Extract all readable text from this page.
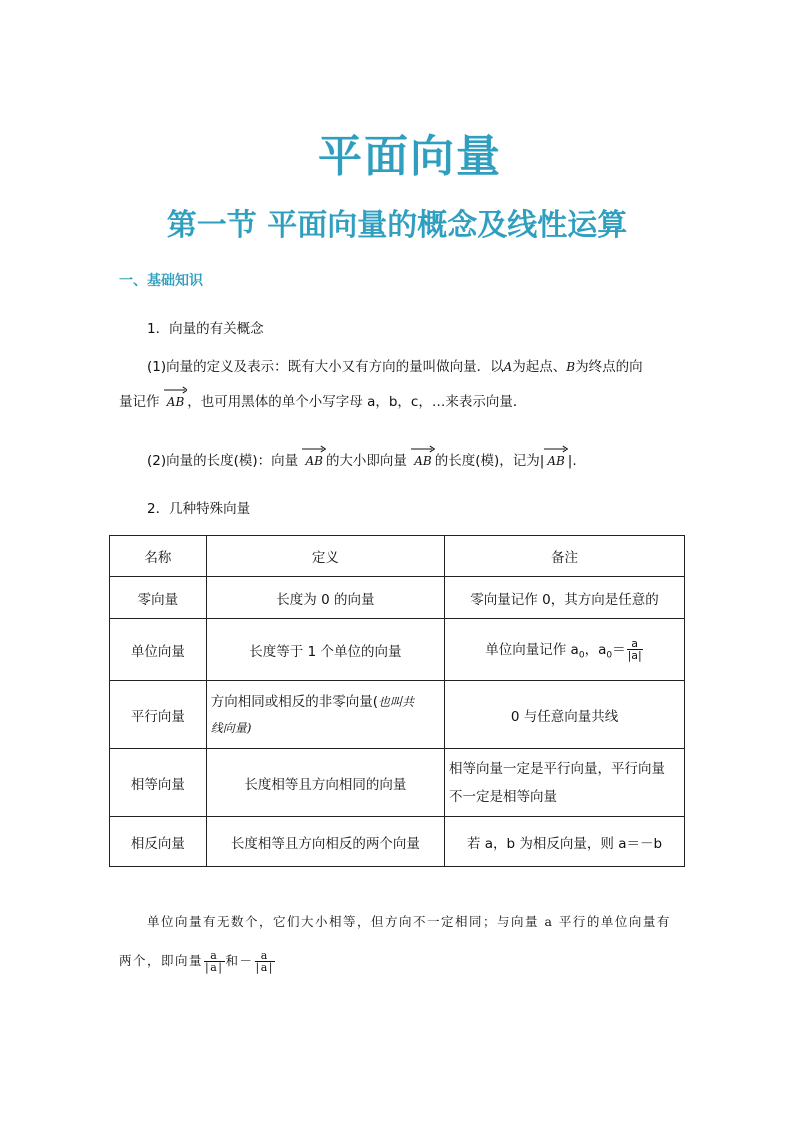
平面向量
第一节 平面向量的概念及线性运算
一、基础知识
1．向量的有关概念
(1)向量的定义及表示：既有大小又有方向的量叫做向量．以A为起点、B为终点的向
量记作 AB ，也可用黑体的单个小写字母 a，b，c，…来表示向量．
(2)向量的长度(模)：向量 AB 的大小即向量 AB 的长度(模)，记为| AB |.
2．几种特殊向量
名称	定义	备注
零向量	长度为 0 的向量	零向量记作 0，其方向是任意的
单位向量	长度等于 1 个单位的向量	单位向量记作 $a_0$，$a_0= \frac{a}{|a|}$

平行向量	方向相同或相反的非零向量(也叫共
线向量)	0 与任意向量共线
相等向量	长度相等且方向相同的向量	相等向量一定是平行向量，平行向量
不一定是相等向量
相反向量	长度相等且方向相反的两个向量	若 a，b 为相反向量，则 a＝－b
单位向量有无数个，它们大小相等，但方向不一定相同；与向量 a 平行的单位向量有
两个，即向量 $\frac{a}{|a|}$ 和－ $\frac{a}{|a|}$
